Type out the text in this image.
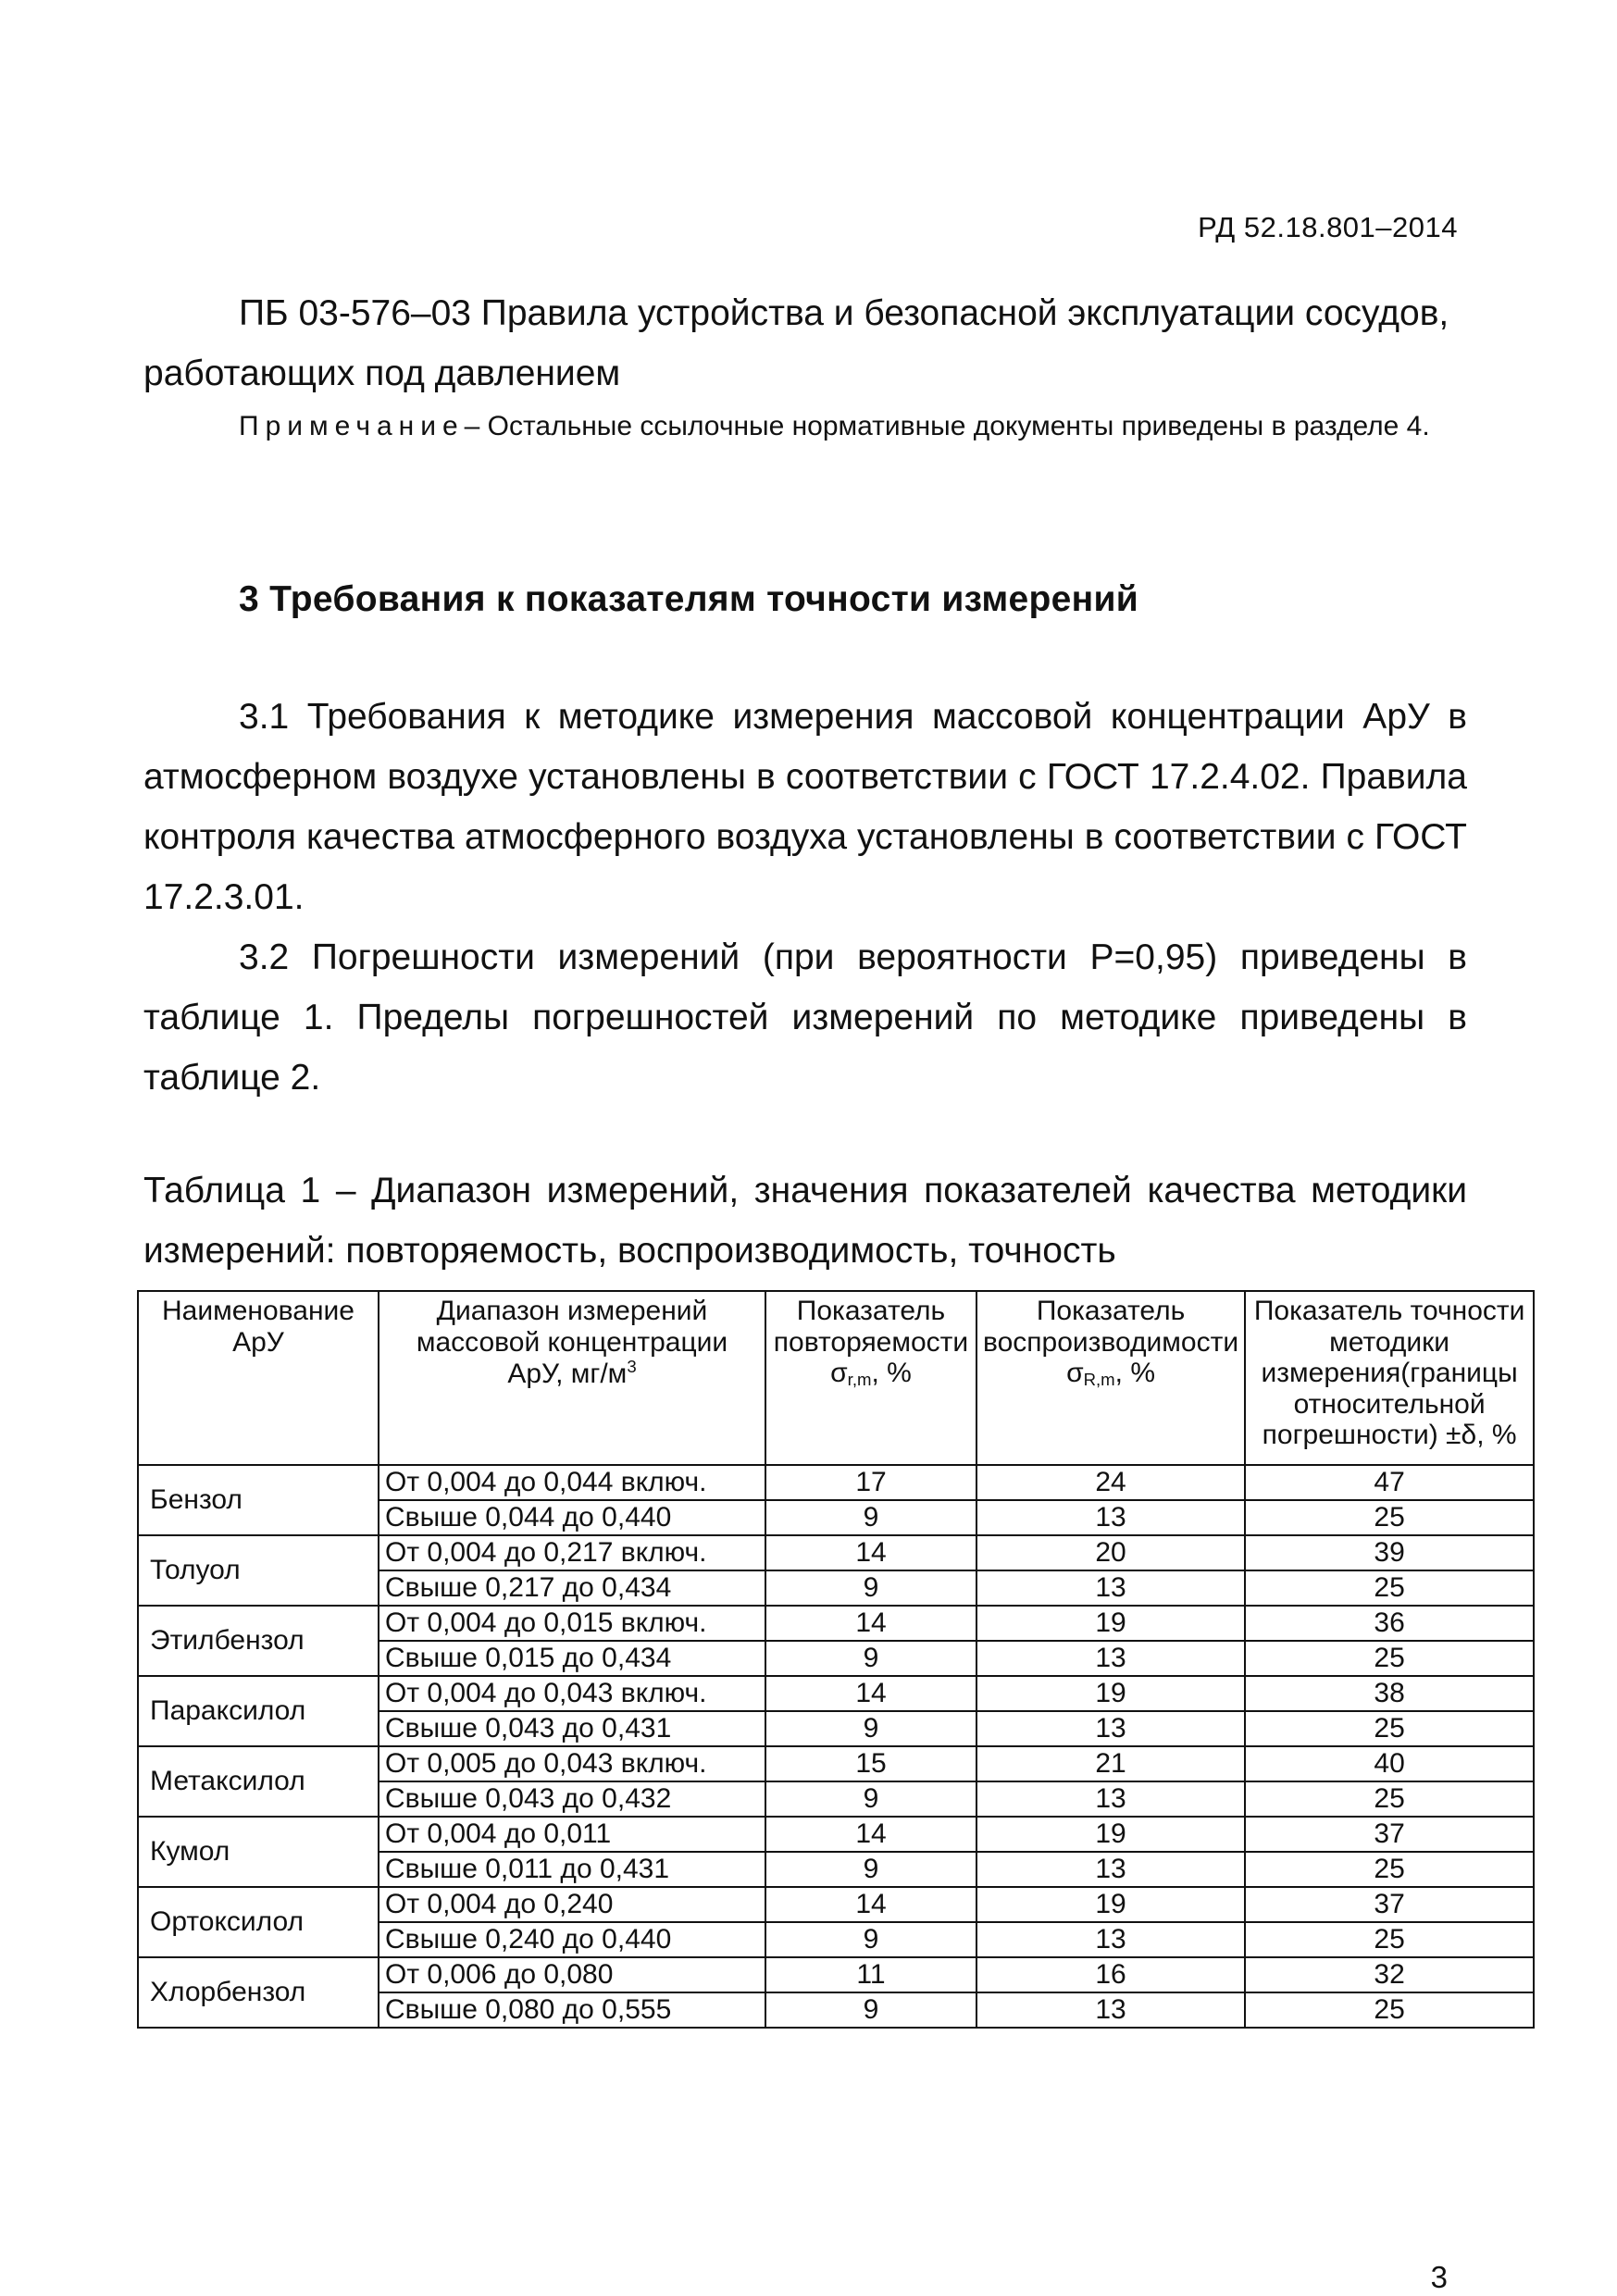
РД 52.18.801–2014
ПБ 03-576–03 Правила устройства и безопасной эксплуатации сосудов,
работающих под давлением
Примечание– Остальные ссылочные нормативные документы приведены в разделе 4.
3 Требования к показателям точности измерений
3.1 Требования к методике измерения массовой концентрации АрУ в атмосферном воздухе установлены в соответствии с ГОСТ 17.2.4.02. Правила контроля качества атмосферного воздуха установлены в соответствии с ГОСТ 17.2.3.01.
3.2 Погрешности измерений (при вероятности Р=0,95) приведены в таблице 1. Пределы погрешностей измерений по методике приведены в таблице 2.
Таблица 1 – Диапазон измерений, значения показателей качества методики измерений: повторяемость, воспроизводимость, точность
Наименование АрУ	Диапазон измерений массовой концентрации АрУ, $мг/м^3$	Показатель повторяемости
$\sigma_{r,m}$, %	Показатель воспроизводимости
$\sigma_{R,m}$, %	Показатель точности методики измерения(границы относительной погрешности) ±δ, %
Бензол	От 0,004 до 0,044 включ.	17	24	47
	Свыше 0,044 до 0,440	9	13	25
Толуол	От 0,004 до 0,217 включ.	14	20	39
	Свыше 0,217 до 0,434	9	13	25
Этилбензол	От 0,004 до 0,015 включ.	14	19	36
	Свыше 0,015 до 0,434	9	13	25
Параксилол	От 0,004 до 0,043 включ.	14	19	38
	Свыше 0,043 до 0,431	9	13	25
Метаксилол	От 0,005 до 0,043 включ.	15	21	40
	Свыше 0,043 до 0,432	9	13	25
Кумол	От 0,004 до 0,011	14	19	37
	Свыше 0,011 до 0,431	9	13	25
Ортоксилол	От 0,004 до 0,240	14	19	37
	Свыше 0,240 до 0,440	9	13	25
Хлорбензол	От 0,006 до 0,080	11	16	32
	Свыше 0,080 до 0,555	9	13	25
3
